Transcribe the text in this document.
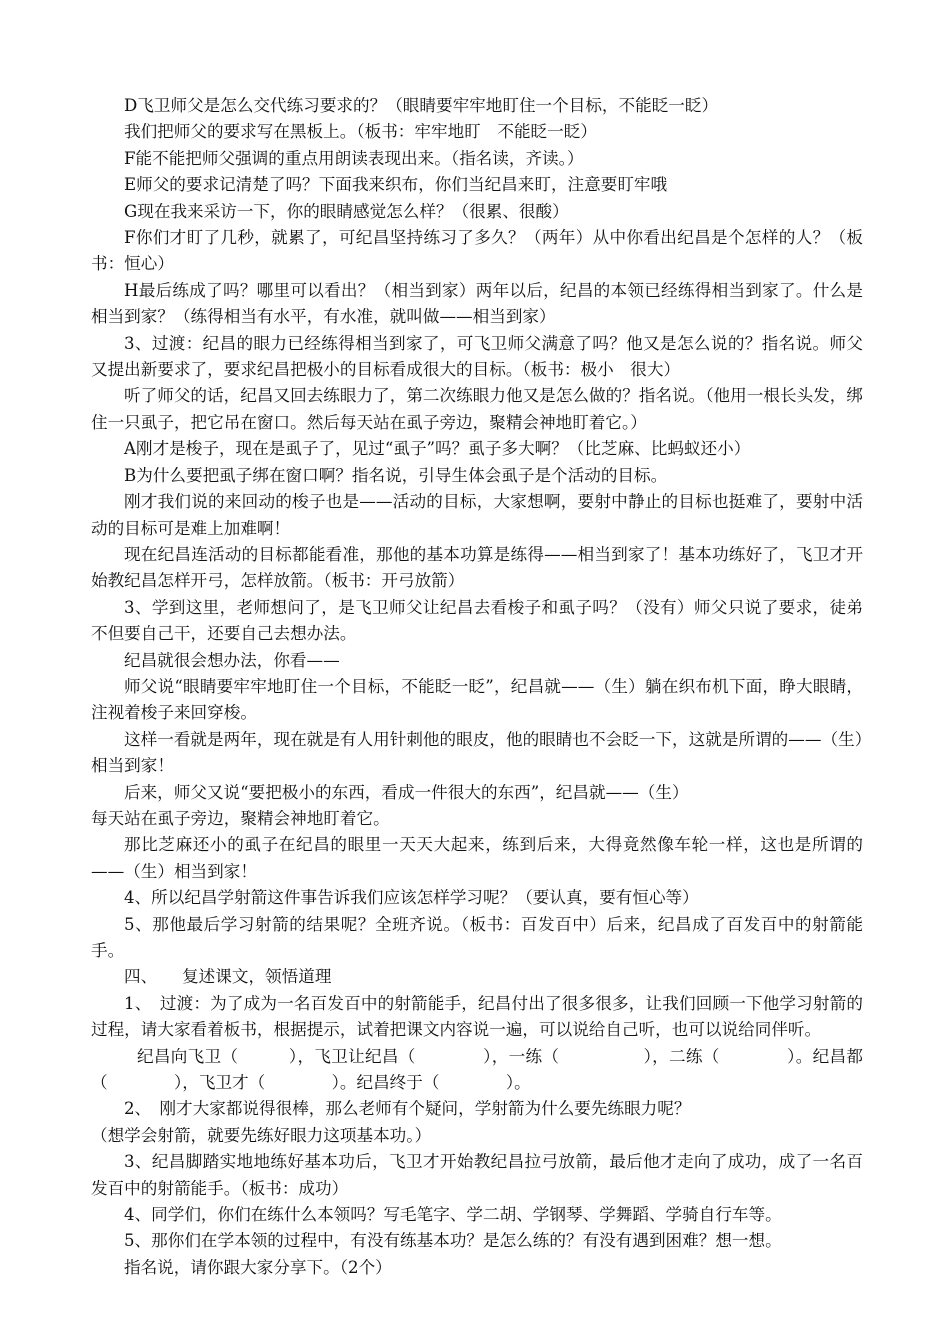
D飞卫师父是怎么交代练习要求的？（眼睛要牢牢地盯住一个目标，不能眨一眨）

我们把师父的要求写在黑板上。（板书：牢牢地盯　不能眨一眨）

F能不能把师父强调的重点用朗读表现出来。（指名读，齐读。）

E师父的要求记清楚了吗？下面我来织布，你们当纪昌来盯，注意要盯牢哦

G现在我来采访一下，你的眼睛感觉怎么样？（很累、很酸）

F你们才盯了几秒，就累了，可纪昌坚持练习了多久？（两年）从中你看出纪昌是个怎样的人？（板书：恒心）

H最后练成了吗？哪里可以看出？（相当到家）两年以后，纪昌的本领已经练得相当到家了。什么是相当到家？（练得相当有水平，有水准，就叫做——相当到家）

3、过渡：纪昌的眼力已经练得相当到家了，可飞卫师父满意了吗？他又是怎么说的？指名说。师父又提出新要求了，要求纪昌把极小的目标看成很大的目标。（板书：极小　很大）

听了师父的话，纪昌又回去练眼力了，第二次练眼力他又是怎么做的？指名说。（他用一根长头发，绑住一只虱子，把它吊在窗口。然后每天站在虱子旁边，聚精会神地盯着它。）

A刚才是梭子，现在是虱子了，见过“虱子”吗？虱子多大啊？（比芝麻、比蚂蚁还小）

B为什么要把虱子绑在窗口啊？指名说，引导生体会虱子是个活动的目标。

刚才我们说的来回动的梭子也是——活动的目标，大家想啊，要射中静止的目标也挺难了，要射中活动的目标可是难上加难啊！

现在纪昌连活动的目标都能看准，那他的基本功算是练得——相当到家了！基本功练好了，飞卫才开始教纪昌怎样开弓，怎样放箭。（板书：开弓放箭）

3、学到这里，老师想问了，是飞卫师父让纪昌去看梭子和虱子吗？（没有）师父只说了要求，徒弟不但要自己干，还要自己去想办法。

纪昌就很会想办法，你看——

师父说“眼睛要牢牢地盯住一个目标，不能眨一眨”，纪昌就——（生）躺在织布机下面，睁大眼睛，注视着梭子来回穿梭。

这样一看就是两年，现在就是有人用针刺他的眼皮，他的眼睛也不会眨一下，这就是所谓的——（生）相当到家！

后来，师父又说“要把极小的东西，看成一件很大的东西”，纪昌就——（生）

每天站在虱子旁边，聚精会神地盯着它。

那比芝麻还小的虱子在纪昌的眼里一天天大起来，练到后来，大得竟然像车轮一样，这也是所谓的——（生）相当到家！

4、所以纪昌学射箭这件事告诉我们应该怎样学习呢？（要认真，要有恒心等）

5、那他最后学习射箭的结果呢？全班齐说。（板书：百发百中）后来，纪昌成了百发百中的射箭能手。

四、　　复述课文，领悟道理

1、　过渡：为了成为一名百发百中的射箭能手，纪昌付出了很多很多，让我们回顾一下他学习射箭的过程，请大家看着板书，根据提示，试着把课文内容说一遍，可以说给自己听，也可以说给同伴听。

纪昌向飞卫（　　　），飞卫让纪昌（　　　　），一练（　　　　　），二练（　　　　）。纪昌都（　　　　），飞卫才（　　　　）。纪昌终于（　　　　）。

2、　刚才大家都说得很棒，那么老师有个疑问，学射箭为什么要先练眼力呢？

（想学会射箭，就要先练好眼力这项基本功。）

3、纪昌脚踏实地地练好基本功后，飞卫才开始教纪昌拉弓放箭，最后他才走向了成功，成了一名百发百中的射箭能手。（板书：成功）

4、同学们，你们在练什么本领吗？写毛笔字、学二胡、学钢琴、学舞蹈、学骑自行车等。

5、那你们在学本领的过程中，有没有练基本功？是怎么练的？有没有遇到困难？想一想。

指名说，请你跟大家分享下。（2个）
